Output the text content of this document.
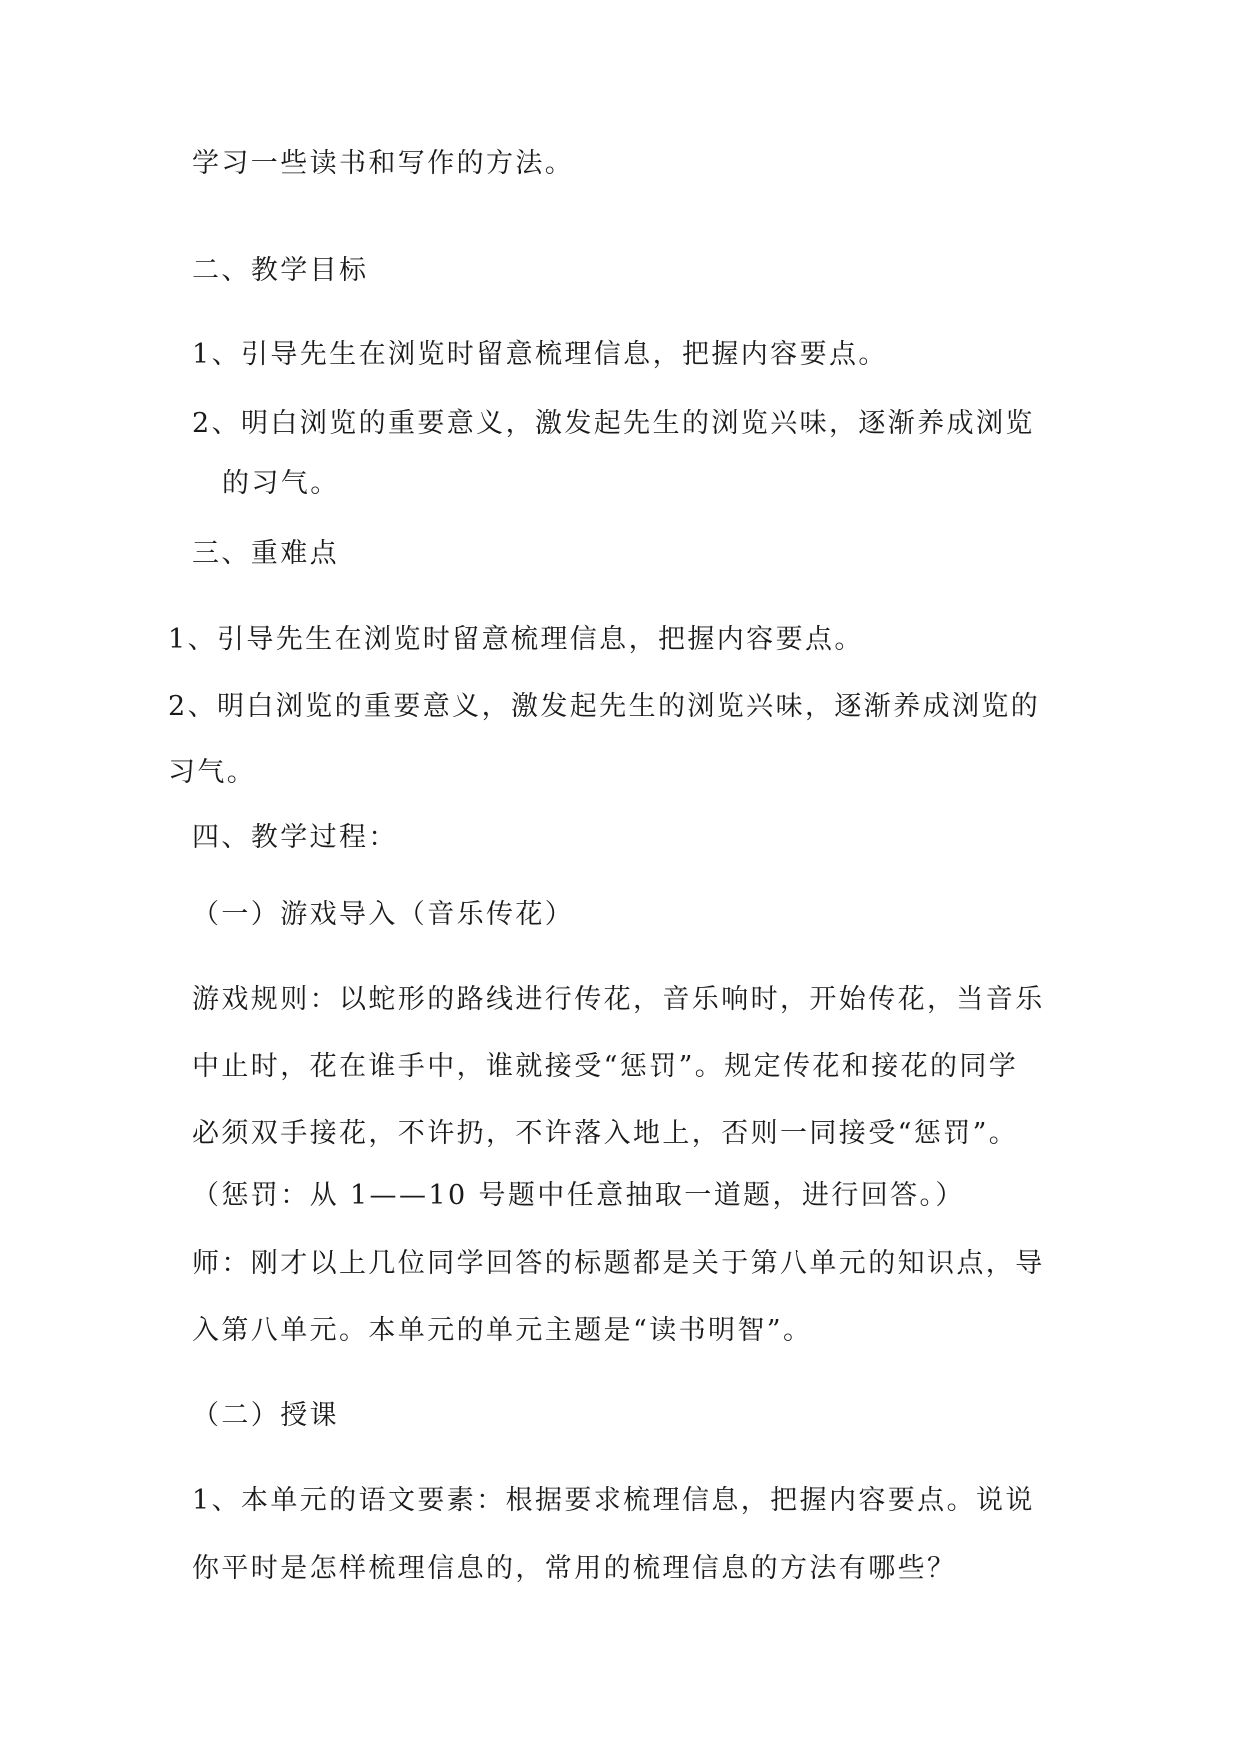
学习一些读书和写作的方法。
二、教学目标
1、引导先生在浏览时留意梳理信息，把握内容要点。
2、明白浏览的重要意义，激发起先生的浏览兴味，逐渐养成浏览
的习气。
三、重难点
1、引导先生在浏览时留意梳理信息，把握内容要点。
2、明白浏览的重要意义，激发起先生的浏览兴味，逐渐养成浏览的
习气。
四、教学过程：
（一）游戏导入（音乐传花）
游戏规则：以蛇形的路线进行传花，音乐响时，开始传花，当音乐
中止时，花在谁手中，谁就接受“惩罚”。规定传花和接花的同学
必须双手接花，不许扔，不许落入地上，否则一同接受“惩罚”。
（惩罚：从 1——10 号题中任意抽取一道题，进行回答。）
师：刚才以上几位同学回答的标题都是关于第八单元的知识点，导
入第八单元。本单元的单元主题是“读书明智”。
（二）授课
1、本单元的语文要素：根据要求梳理信息，把握内容要点。说说
你平时是怎样梳理信息的，常用的梳理信息的方法有哪些？
